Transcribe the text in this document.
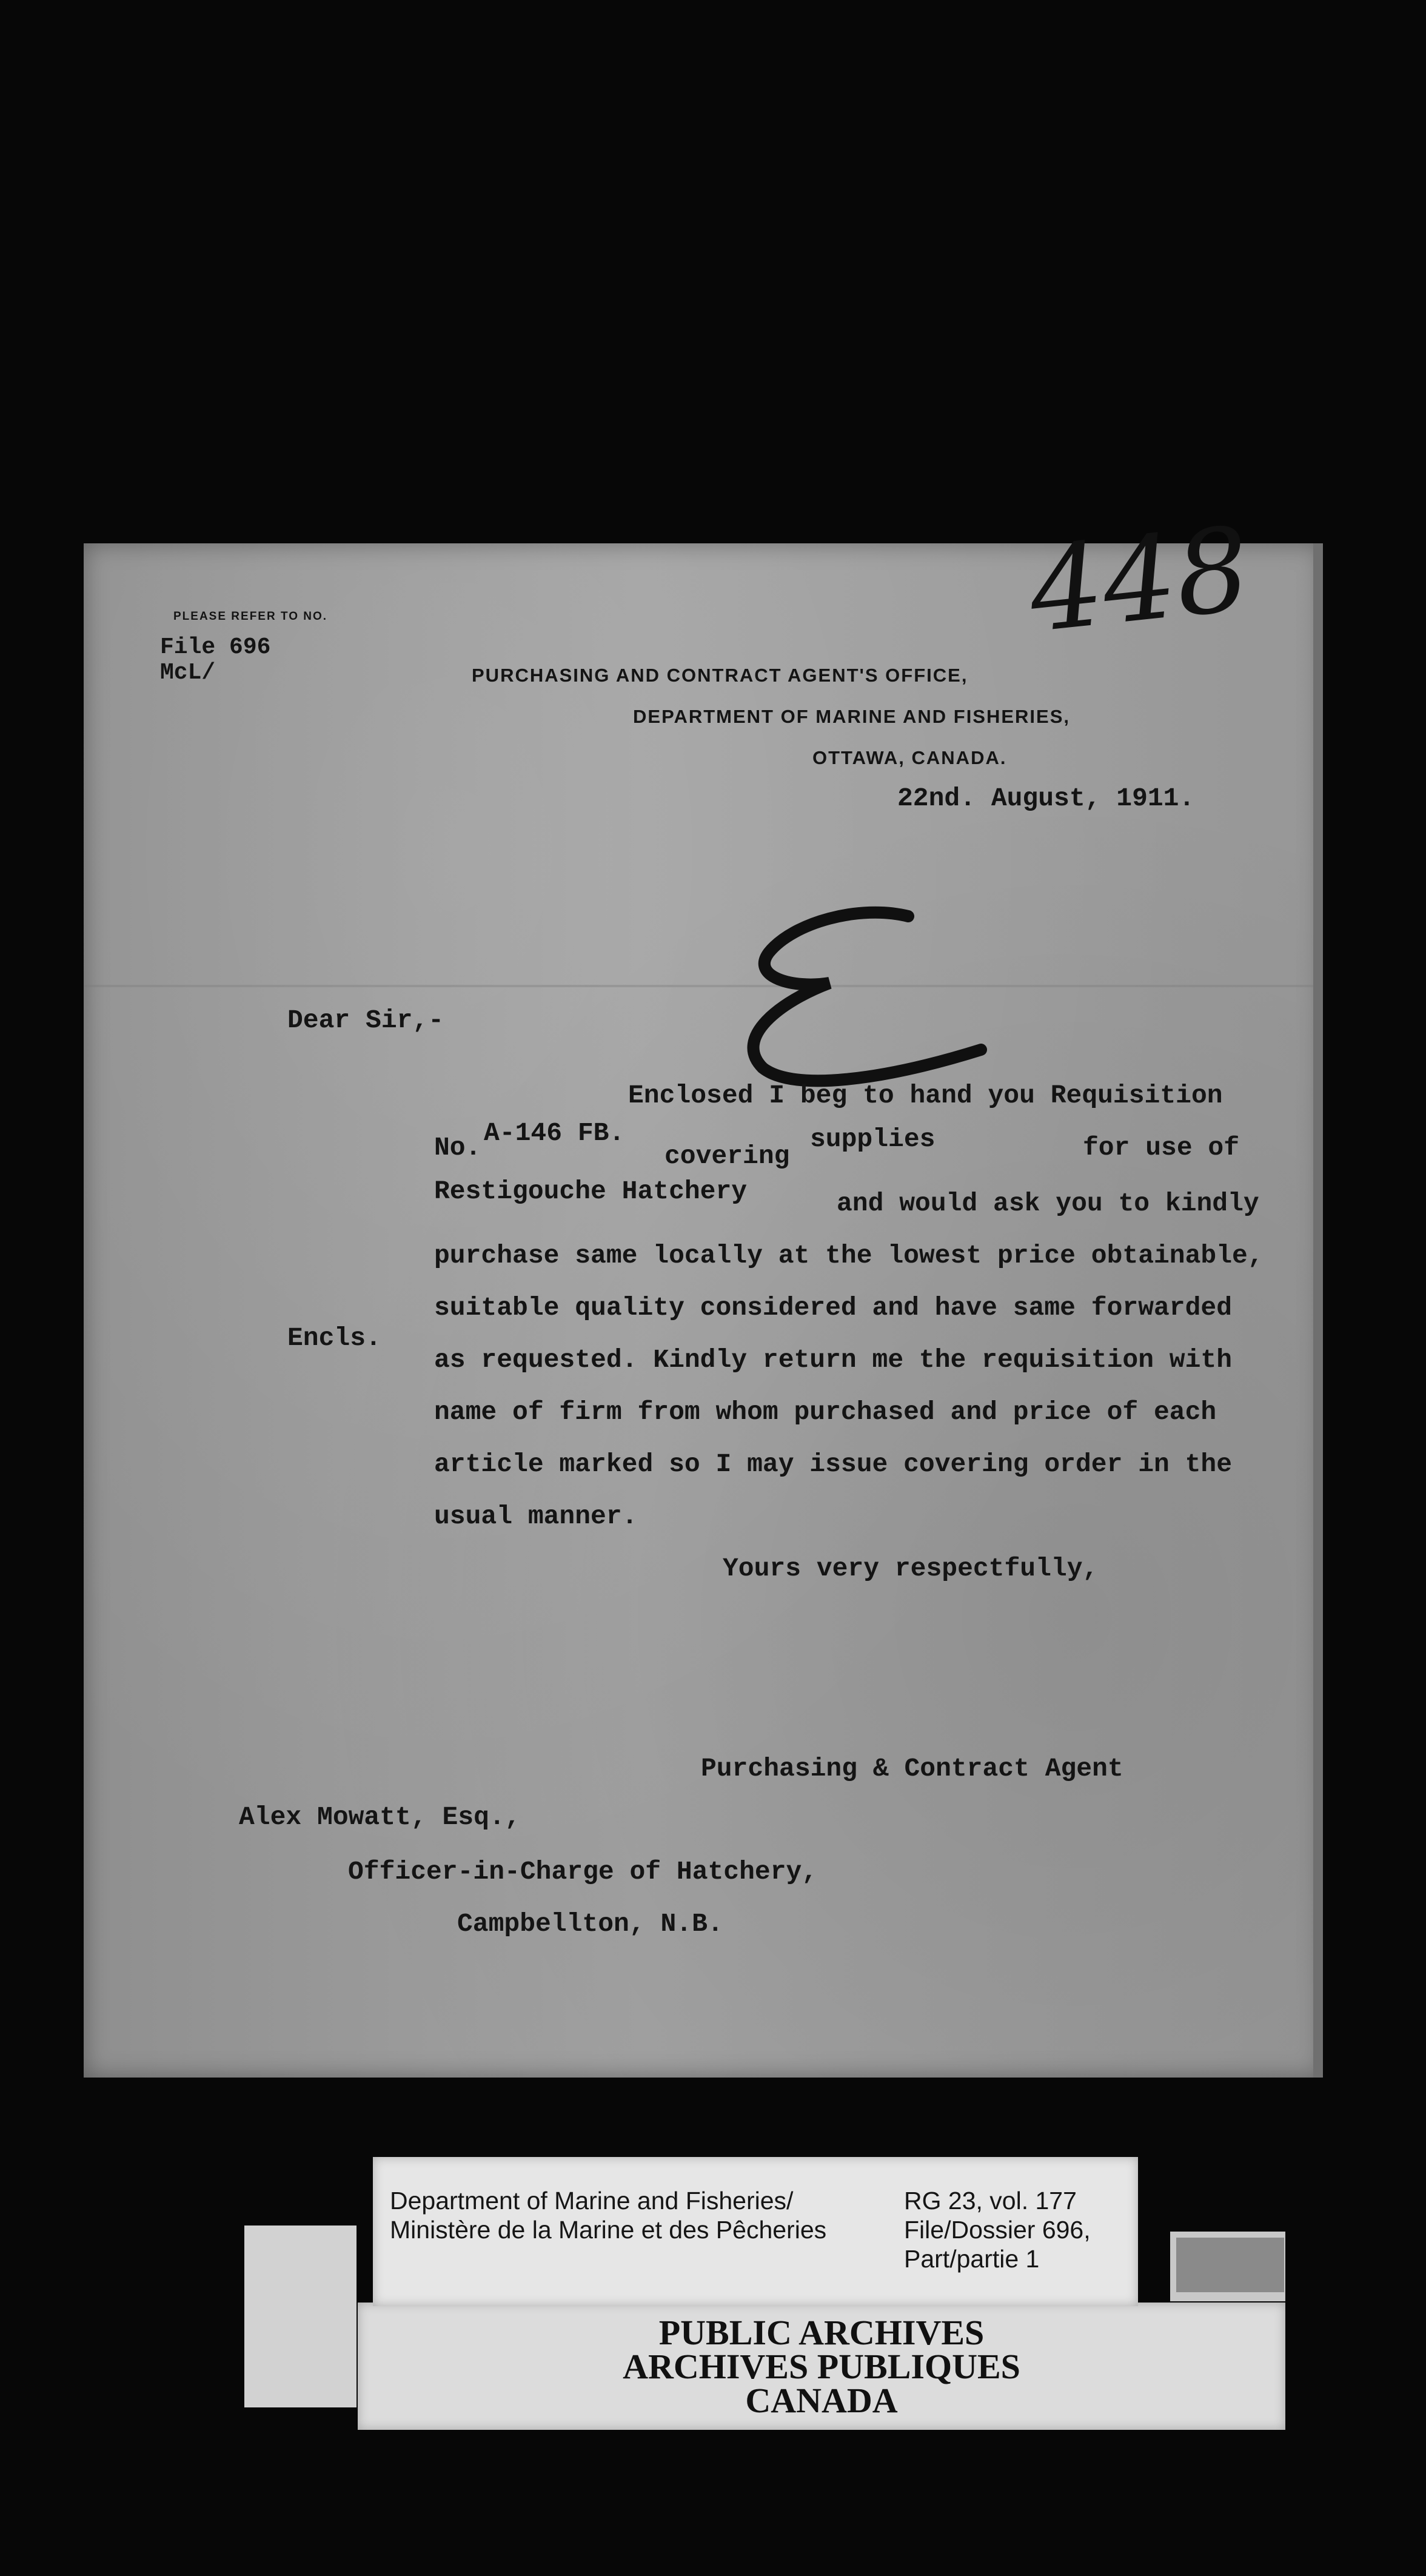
PLEASE REFER TO NO.
File 696
McL/	PURCHASING AND CONTRACT AGENT'S OFFICE,
DEPARTMENT OF MARINE AND FISHERIES,
OTTAWA, CANADA.
22nd. August, 1911.
448
Dear Sir,-
Enclosed I beg to hand you Requisition
No. A-146 FB.
covering
supplies	for use of
Restigouche Hatchery	and would ask you to kindly
purchase same locally at the lowest price obtainable,
suitable quality considered and have same forwarded
Encls.
as requested. Kindly return me the requisition with
name of firm from whom purchased and price of each
article marked so I may issue covering order in the
usual manner.
Yours very respectfully,
Purchasing & Contract Agent
Alex Mowatt, Esq.,
Officer-in-Charge of Hatchery,
Campbellton, N.B.
PUBLIC ARCHIVES
ARCHIVES PUBLIQUES
CANADA
Department of Marine and Fisheries/
Ministère de la Marine et des Pêcheries
RG 23, vol. 177
File/Dossier 696,
Part/partie 1
